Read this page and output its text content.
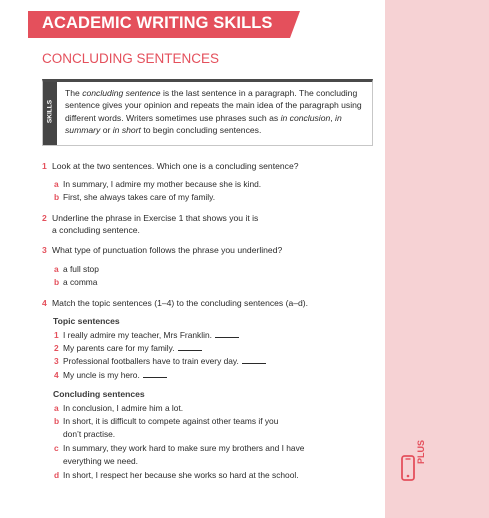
ACADEMIC WRITING SKILLS
CONCLUDING SENTENCES
SKILLS
The concluding sentence is the last sentence in a paragraph. The concluding sentence gives your opinion and repeats the main idea of the paragraph using different words. Writers sometimes use phrases such as in conclusion, in summary or in short to begin concluding sentences.
1 Look at the two sentences. Which one is a concluding sentence?
a In summary, I admire my mother because she is kind.
b First, she always takes care of my family.
2 Underline the phrase in Exercise 1 that shows you it is
a concluding sentence.
3 What type of punctuation follows the phrase you underlined?
a a full stop
b a comma
4 Match the topic sentences (1–4) to the concluding sentences (a–d).
Topic sentences
1 I really admire my teacher, Mrs Franklin.
2 My parents care for my family.
3 Professional footballers have to train every day.
4 My uncle is my hero.
Concluding sentences
a In conclusion, I admire him a lot.
b In short, it is difficult to compete against other teams if you
don’t practise.
c In summary, they work hard to make sure my brothers and I have
everything we need.
d In short, I respect her because she works so hard at the school.
PLUS
